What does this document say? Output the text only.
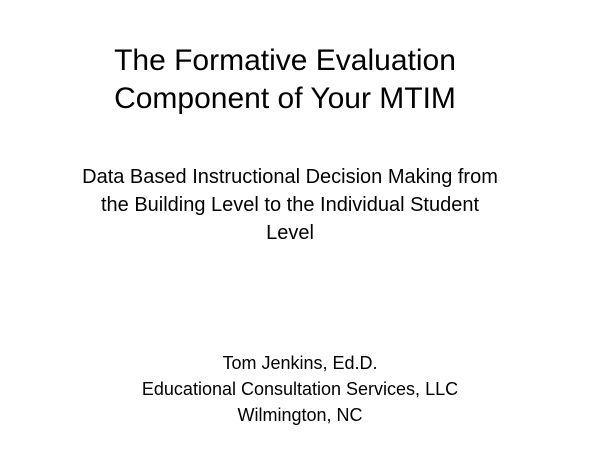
The Formative Evaluation
Component of Your MTIM
Data Based Instructional Decision Making from
the Building Level to the Individual Student
Level
Tom Jenkins, Ed.D.
Educational Consultation Services, LLC
Wilmington, NC
